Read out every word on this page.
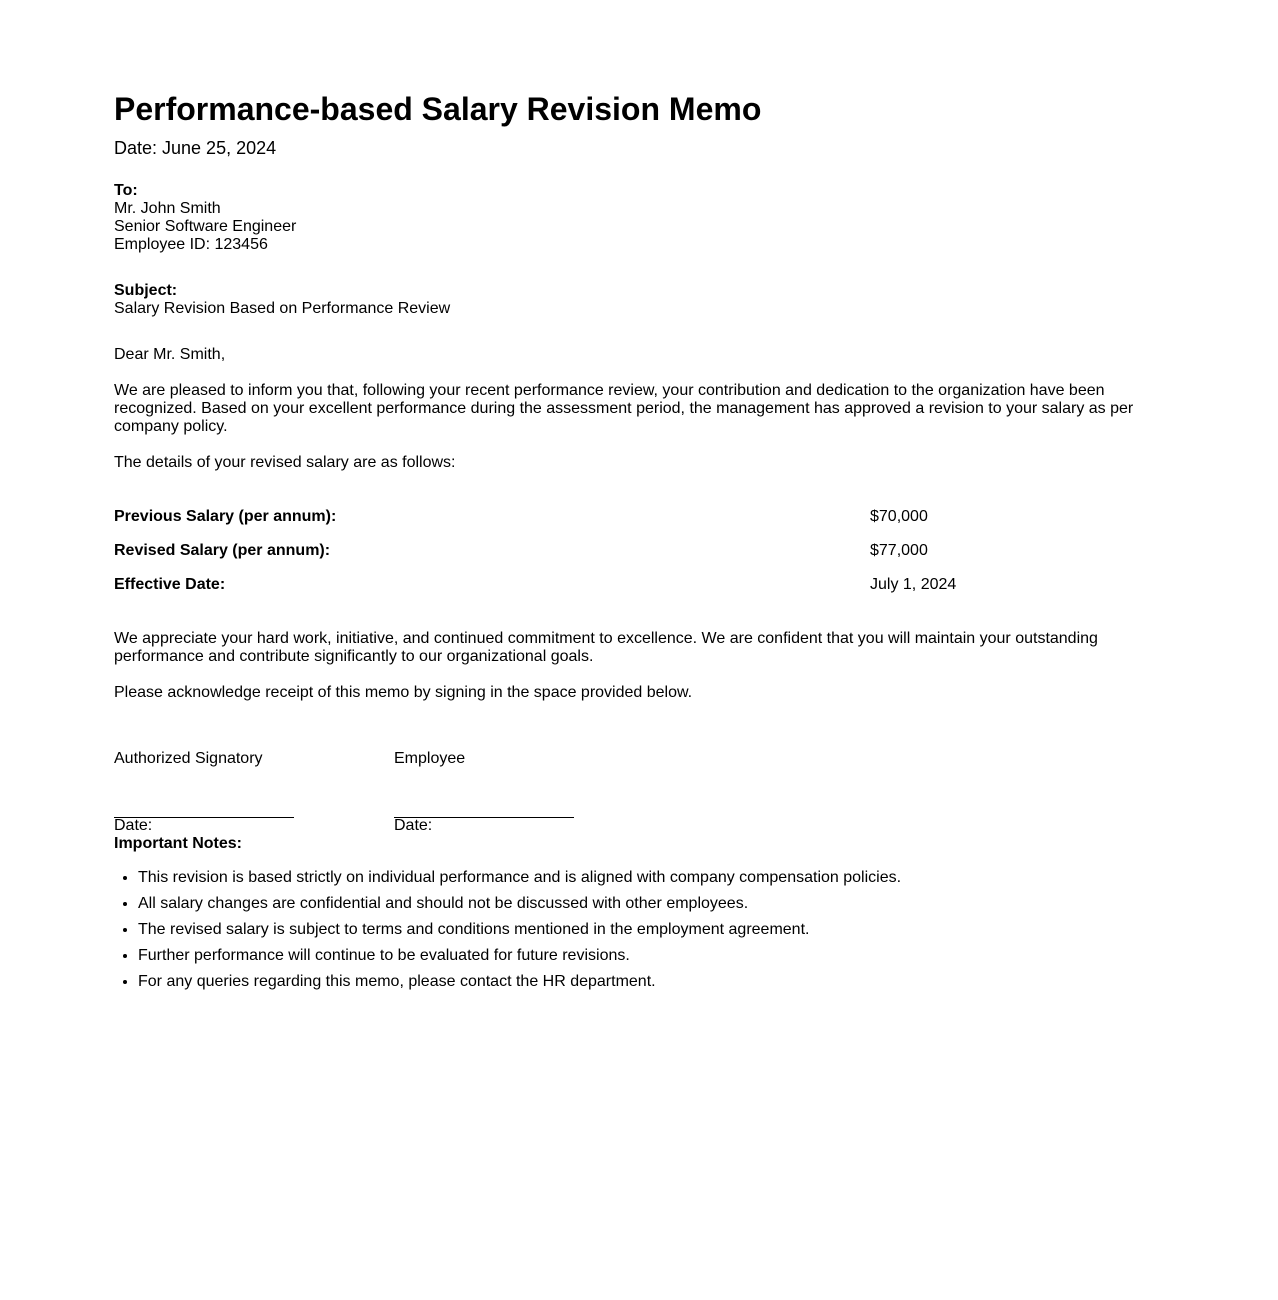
Performance-based Salary Revision Memo
Date: June 25, 2024
To:
Mr. John Smith
Senior Software Engineer
Employee ID: 123456
Subject:
Salary Revision Based on Performance Review
Dear Mr. Smith,
We are pleased to inform you that, following your recent performance review, your contribution and dedication to the organization have been recognized. Based on your excellent performance during the assessment period, the management has approved a revision to your salary as per company policy.
The details of your revised salary are as follows:
Previous Salary (per annum):	$70,000
Revised Salary (per annum):	$77,000
Effective Date:	July 1, 2024
We appreciate your hard work, initiative, and continued commitment to excellence. We are confident that you will maintain your outstanding performance and contribute significantly to our organizational goals.
Please acknowledge receipt of this memo by signing in the space provided below.
Authorized Signatory
Date:
Employee
Date:
Important Notes:
• This revision is based strictly on individual performance and is aligned with company compensation policies.
• All salary changes are confidential and should not be discussed with other employees.
• The revised salary is subject to terms and conditions mentioned in the employment agreement.
• Further performance will continue to be evaluated for future revisions.
• For any queries regarding this memo, please contact the HR department.
